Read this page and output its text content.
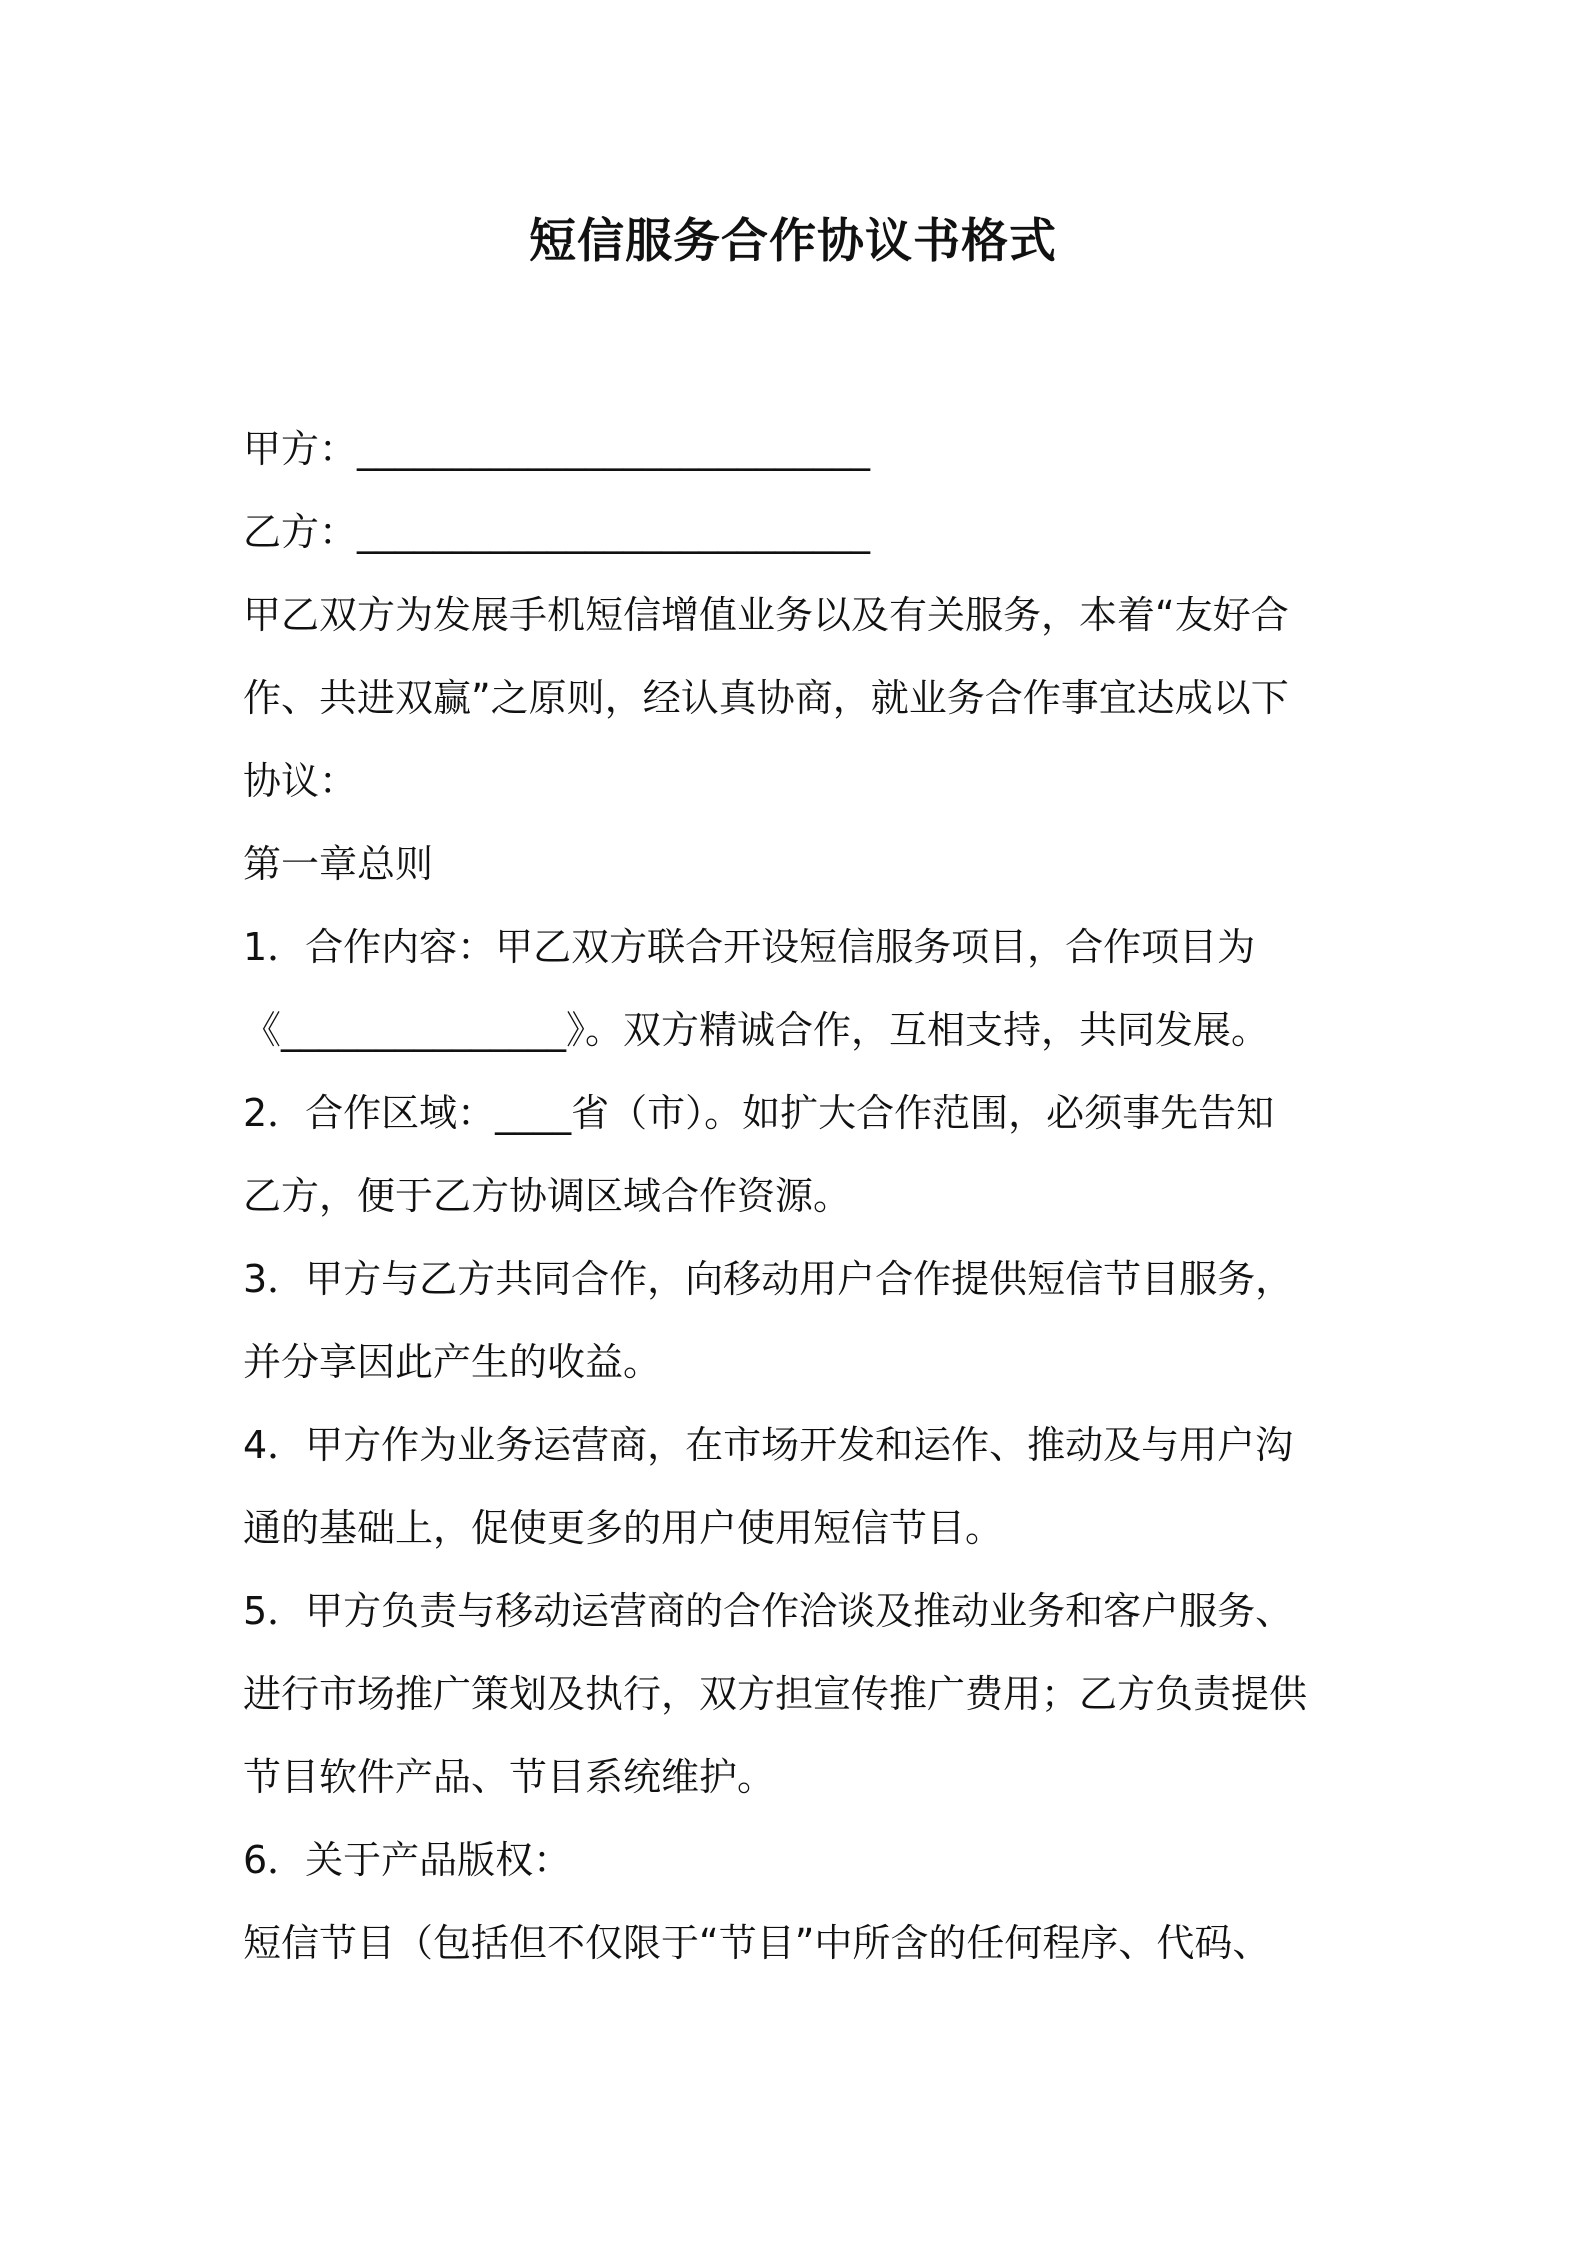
短信服务合作协议书格式
甲方：___________________________
乙方：___________________________
甲乙双方为发展手机短信增值业务以及有关服务，本着“友好合
作、共进双赢”之原则，经认真协商，就业务合作事宜达成以下
协议：
第一章总则
1．合作内容：甲乙双方联合开设短信服务项目，合作项目为
《_______________》。双方精诚合作，互相支持，共同发展。
2．合作区域：____省（市）。如扩大合作范围，必须事先告知
乙方，便于乙方协调区域合作资源。
3．甲方与乙方共同合作，向移动用户合作提供短信节目服务，
并分享因此产生的收益。
4．甲方作为业务运营商，在市场开发和运作、推动及与用户沟
通的基础上，促使更多的用户使用短信节目。
5．甲方负责与移动运营商的合作洽谈及推动业务和客户服务、
进行市场推广策划及执行，双方担宣传推广费用；乙方负责提供
节目软件产品、节目系统维护。
6．关于产品版权：
短信节目（包括但不仅限于“节目”中所含的任何程序、代码、
